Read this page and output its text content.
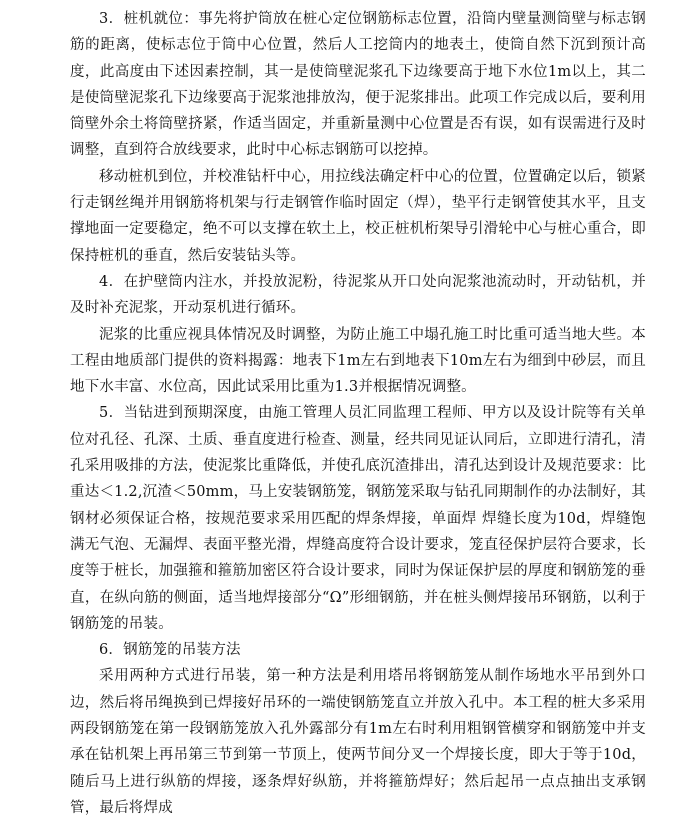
3．桩机就位：事先将护筒放在桩心定位钢筋标志位置，沿筒内壁量测筒壁与标志钢筋的距离，使标志位于筒中心位置，然后人工挖筒内的地表土，使筒自然下沉到预计高度，此高度由下述因素控制，其一是使筒壁泥浆孔下边缘要高于地下水位1m以上，其二是使筒壁泥浆孔下边缘要高于泥浆池排放沟，便于泥浆排出。此项工作完成以后，要利用筒壁外余土将筒壁挤紧，作适当固定，并重新量测中心位置是否有误，如有误需进行及时调整，直到符合放线要求，此时中心标志钢筋可以挖掉。

移动桩机到位，并校准钻杆中心，用拉线法确定杆中心的位置，位置确定以后，锁紧行走钢丝绳并用钢筋将机架与行走钢管作临时固定（焊），垫平行走钢管使其水平，且支撑地面一定要稳定，绝不可以支撑在软土上，校正桩机桁架导引滑轮中心与桩心重合，即保持桩机的垂直，然后安装钻头等。

4．在护壁筒内注水，并投放泥粉，待泥浆从开口处向泥浆池流动时，开动钻机，并及时补充泥浆，开动泵机进行循环。

泥浆的比重应视具体情况及时调整，为防止施工中塌孔施工时比重可适当地大些。本工程由地质部门提供的资料揭露：地表下1m左右到地表下10m左右为细到中砂层，而且地下水丰富、水位高，因此试采用比重为1.3并根据情况调整。

5．当钻进到预期深度，由施工管理人员汇同监理工程师、甲方以及设计院等有关单位对孔径、孔深、土质、垂直度进行检查、测量，经共同见证认同后，立即进行清孔，清孔采用吸排的方法，使泥浆比重降低，并使孔底沉渣排出，清孔达到设计及规范要求：比重达＜1.2,沉渣＜50mm，马上安装钢筋笼，钢筋笼采取与钻孔同期制作的办法制好，其钢材必须保证合格，按规范要求采用匹配的焊条焊接，单面焊 焊缝长度为10d，焊缝饱满无气泡、无漏焊、表面平整光滑，焊缝高度符合设计要求，笼直径保护层符合要求，长度等于桩长，加强箍和箍筋加密区符合设计要求，同时为保证保护层的厚度和钢筋笼的垂直，在纵向筋的侧面，适当地焊接部分“Ω”形细钢筋，并在桩头侧焊接吊环钢筋，以利于钢筋笼的吊装。

6．钢筋笼的吊装方法

采用两种方式进行吊装，第一种方法是利用塔吊将钢筋笼从制作场地水平吊到外口边，然后将吊绳换到已焊接好吊环的一端使钢筋笼直立并放入孔中。本工程的桩大多采用两段钢筋笼在第一段钢筋笼放入孔外露部分有1m左右时利用粗钢管横穿和钢筋笼中并支承在钻机架上再吊第三节到第一节顶上，使两节间分叉一个焊接长度，即大于等于10d，随后马上进行纵筋的焊接，逐条焊好纵筋，并将箍筋焊好；然后起吊一点点抽出支承钢管，最后将焊成
